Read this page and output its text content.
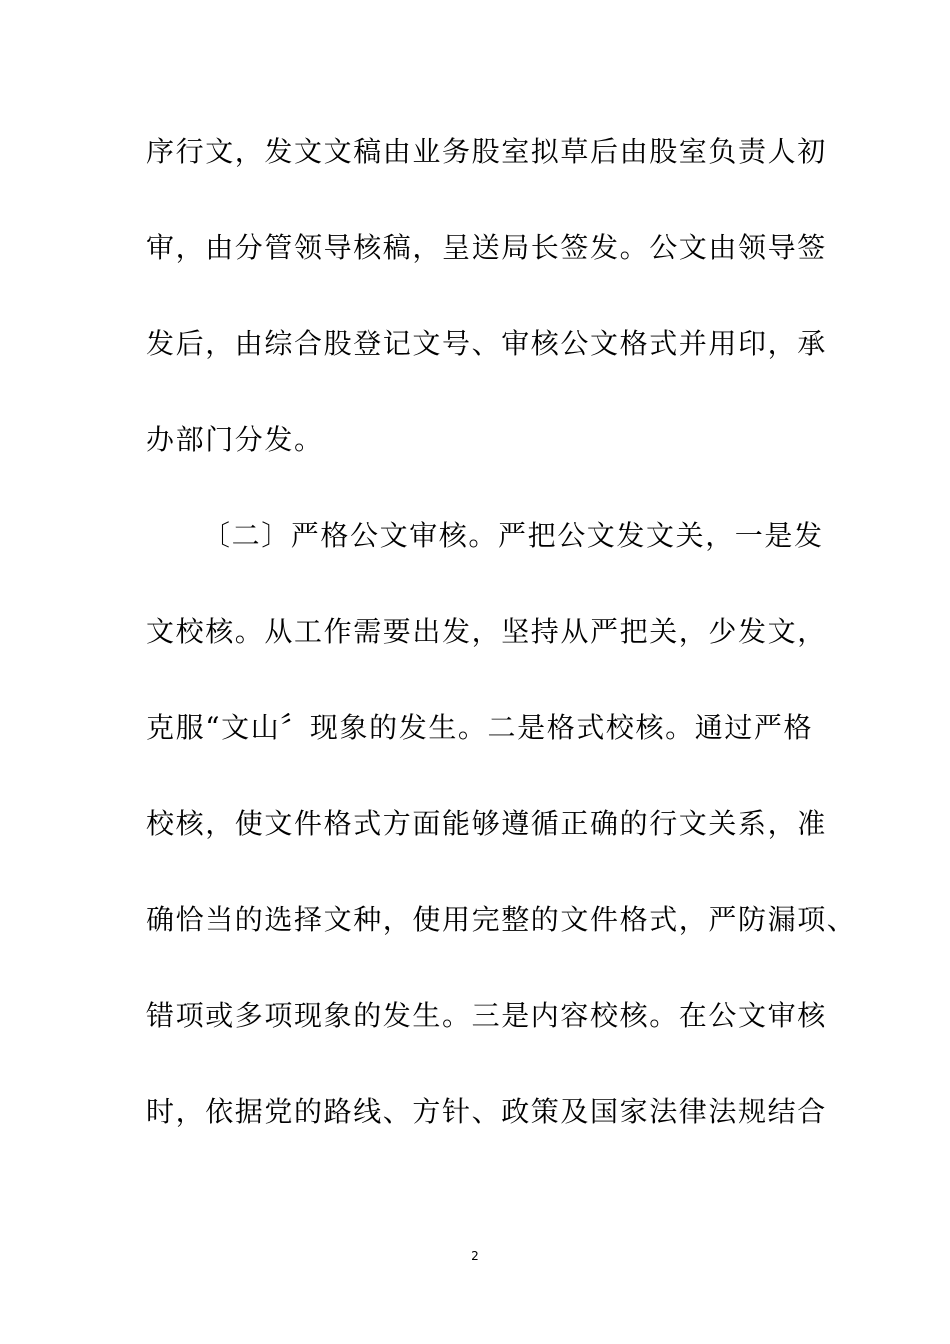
序行文，发文文稿由业务股室拟草后由股室负责人初
审，由分管领导核稿，呈送局长签发。公文由领导签
发后，由综合股登记文号、审核公文格式并用印，承
办部门分发。
〔二〕严格公文审核。严把公文发文关，一是发
文校核。从工作需要出发，坚持从严把关，少发文，
克服“文山〞现象的发生。二是格式校核。通过严格
校核，使文件格式方面能够遵循正确的行文关系，准
确恰当的选择文种，使用完整的文件格式，严防漏项、
错项或多项现象的发生。三是内容校核。在公文审核
时，依据党的路线、方针、政策及国家法律法规结合
2
